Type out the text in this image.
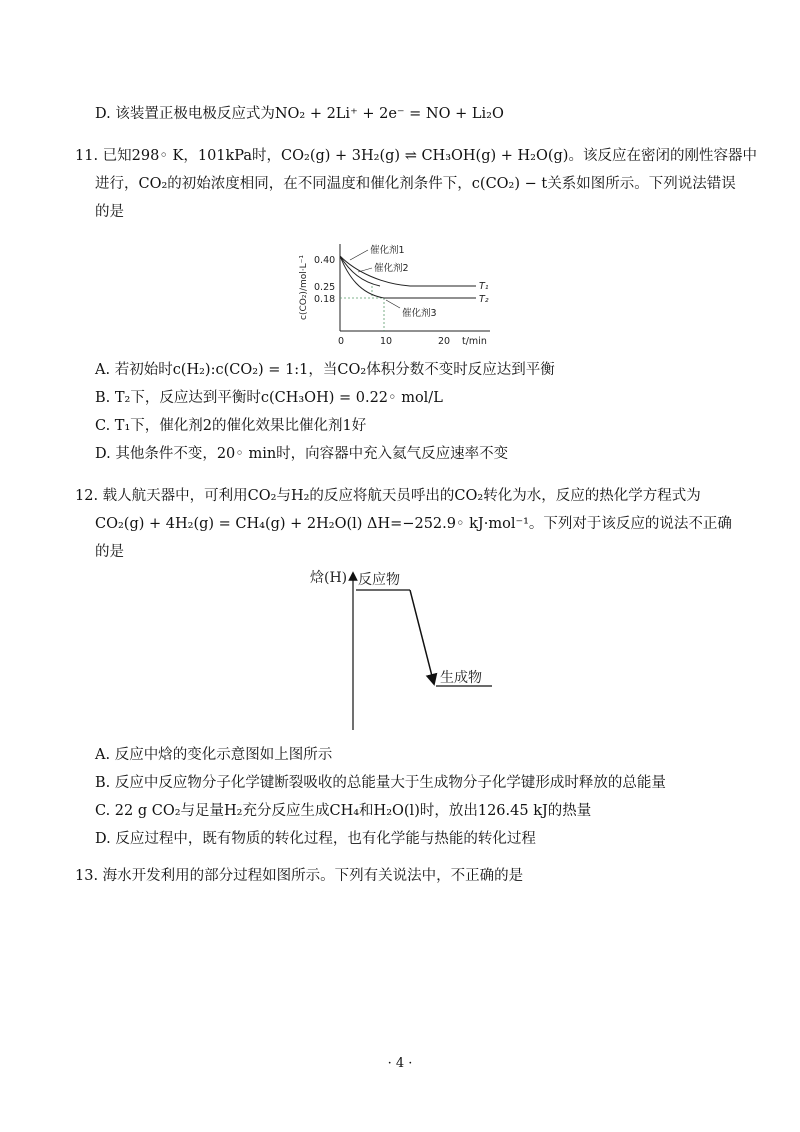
D. 该装置正极电极反应式为NO₂ + 2Li⁺ + 2e⁻ = NO + Li₂O
11. 已知298◦ K，101kPa时，CO₂(g) + 3H₂(g) ⇌ CH₃OH(g) + H₂O(g)。该反应在密闭的刚性容器中
进行，CO₂的初始浓度相同，在不同温度和催化剂条件下，c(CO₂) − t关系如图所示。下列说法错误
的是
c(CO₂)/mol·L⁻¹ 0.40
0.25
0.18
0	10	20 t/min
催化剂1
催化剂2
催化剂3
T₁
T₂
A. 若初始时c(H₂):c(CO₂) = 1:1，当CO₂体积分数不变时反应达到平衡
B. T₂下，反应达到平衡时c(CH₃OH) = 0.22◦ mol/L
C. T₁下，催化剂2的催化效果比催化剂1好
D. 其他条件不变，20◦ min时，向容器中充入氦气反应速率不变
12. 载人航天器中，可利用CO₂与H₂的反应将航天员呼出的CO₂转化为水，反应的热化学方程式为
CO₂(g) + 4H₂(g) = CH₄(g) + 2H₂O(l) ΔH=−252.9◦ kJ·mol⁻¹。下列对于该反应的说法不正确
的是
焓(H) 反应物
生成物
A. 反应中焓的变化示意图如上图所示
B. 反应中反应物分子化学键断裂吸收的总能量大于生成物分子化学键形成时释放的总能量
C. 22 g CO₂与足量H₂充分反应生成CH₄和H₂O(l)时，放出126.45 kJ的热量
D. 反应过程中，既有物质的转化过程，也有化学能与热能的转化过程
13. 海水开发利用的部分过程如图所示。下列有关说法中，不正确的是
· 4 ·
